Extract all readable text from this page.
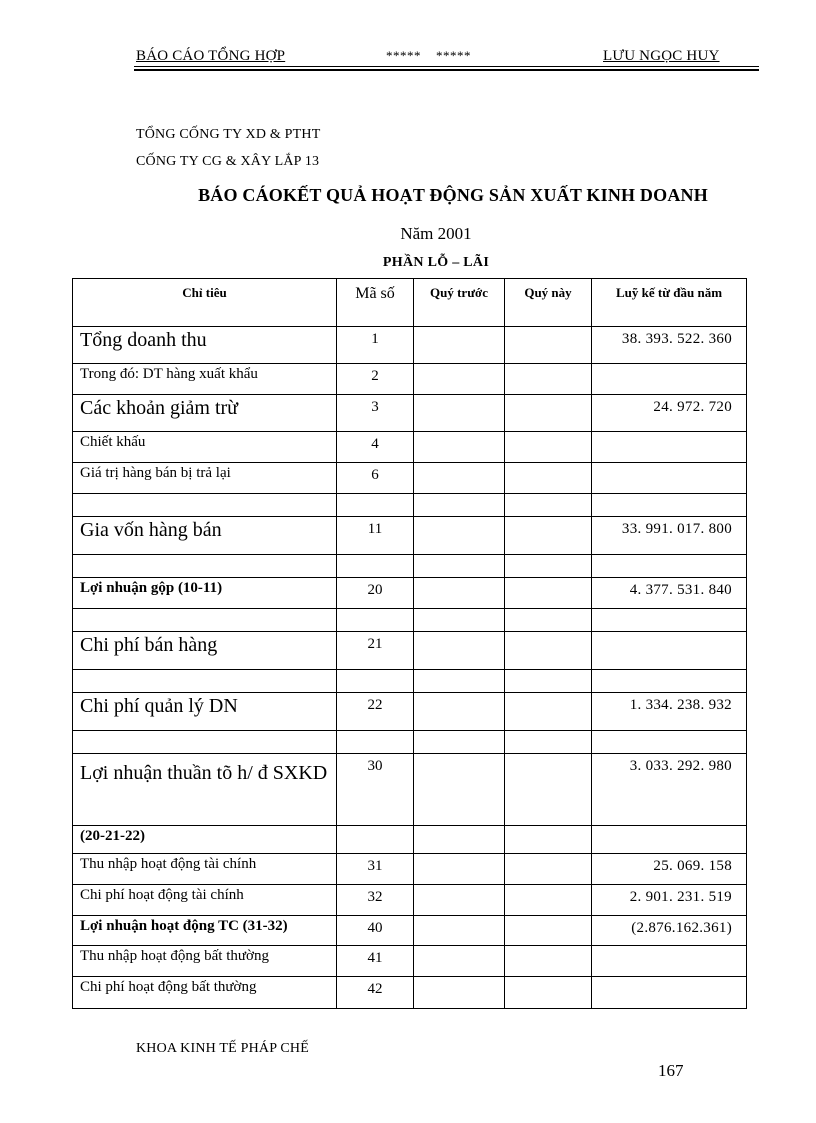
BÁO CÁO TỔNG HỢP	*****    *****	LƯU NGỌC HUY
TỔNG CỐNG TY XD & PTHT
CỐNG TY CG & XÂY LẮP 13
BÁO CÁOKẾT QUẢ HOẠT ĐỘNG SẢN XUẤT KINH DOANH
Năm 2001
PHẦN LỖ – LÃI
Chỉ tiêu	Mã số	Quý trước	Quý này	Luỹ kế từ đầu năm
Tổng doanh thu	1			38. 393. 522. 360
Trong đó: DT hàng xuất khẩu	2			
Các khoản giảm trừ	3			24. 972. 720
Chiết khấu	4			
Giá trị hàng bán bị trả lại	6			

Gia vốn hàng bán	11			33. 991. 017. 800

Lợi nhuận gộp (10-11)	20			4. 377. 531. 840

Chi phí bán hàng	21			

Chi phí quản lý DN	22			1. 334. 238. 932

Lợi nhuận thuần tõ h/ đ SXKD	30			3. 033. 292. 980
(20-21-22)				
Thu nhập hoạt động tài chính	31			25. 069. 158
Chi phí hoạt động tài chính	32			2. 901. 231. 519
Lợi nhuận hoạt động TC (31-32)	40			(2.876.162.361)
Thu nhập hoạt động bất thường	41			
Chi phí hoạt động bất thường	42			
KHOA KINH TẾ PHÁP CHẾ
167
